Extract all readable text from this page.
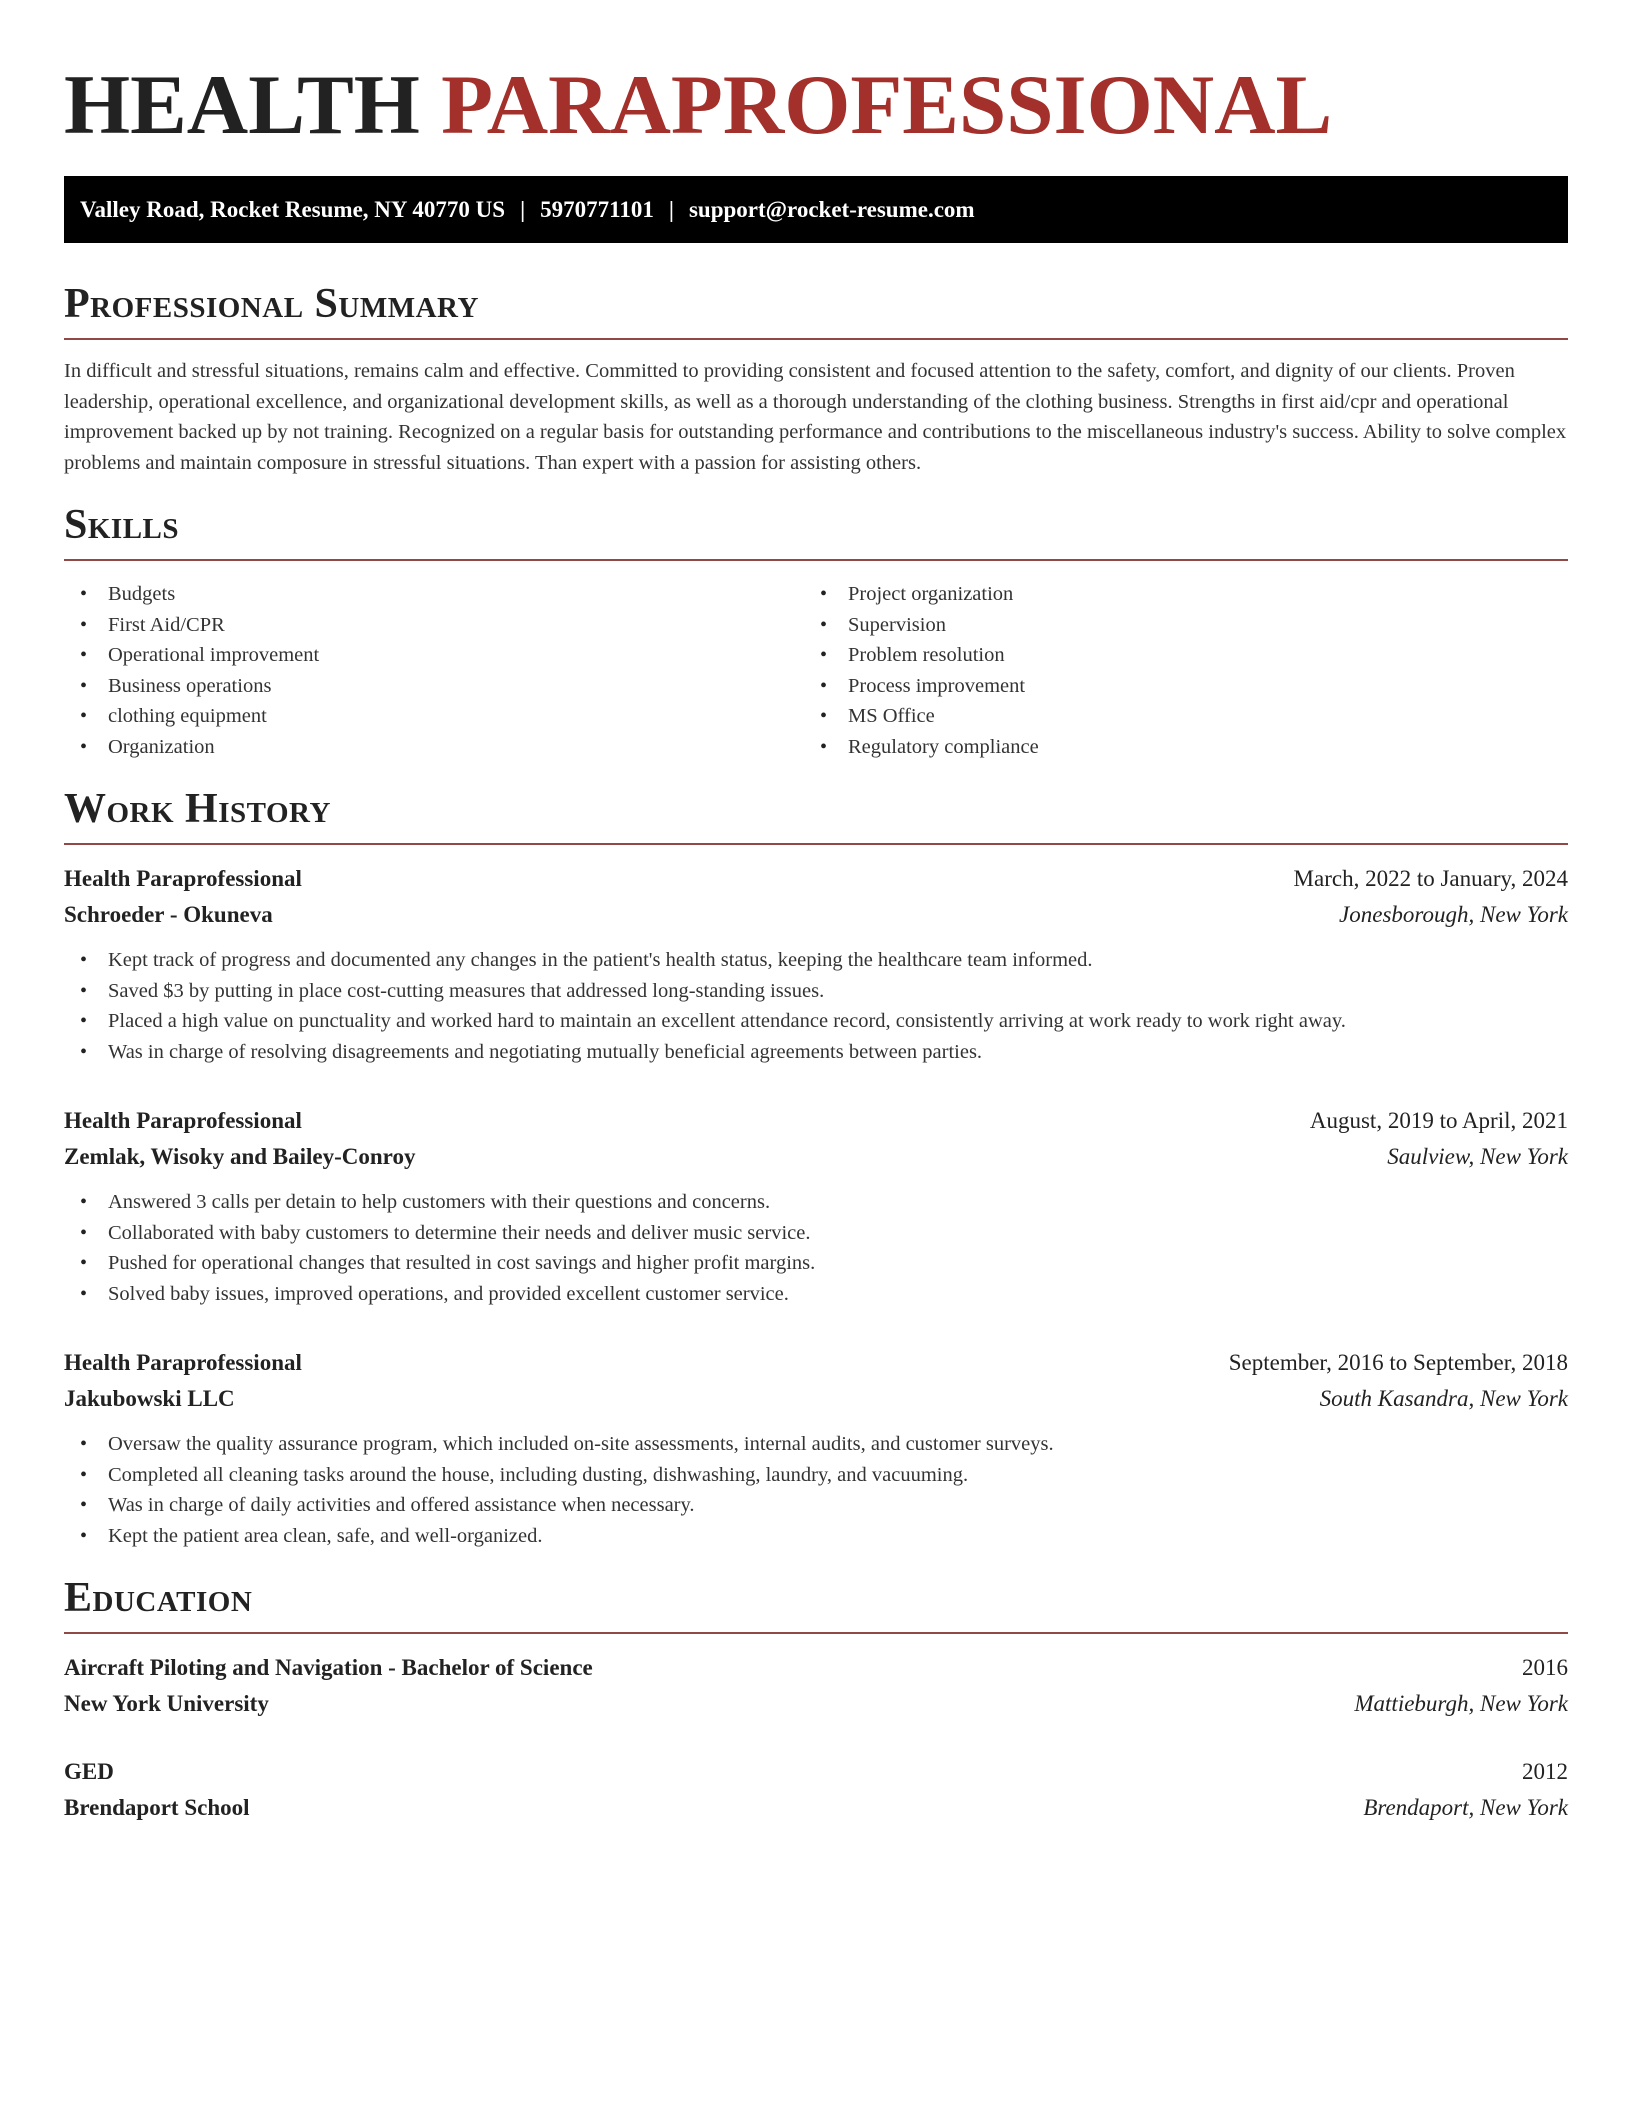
HEALTH PARAPROFESSIONAL
Valley Road, Rocket Resume, NY 40770 US | 5970771101 | support@rocket-resume.com
Professional Summary

In difficult and stressful situations, remains calm and effective. Committed to providing consistent and focused attention to the safety, comfort, and dignity of our clients. Proven leadership, operational excellence, and organizational development skills, as well as a thorough understanding of the clothing business. Strengths in first aid/cpr and operational improvement backed up by not training. Recognized on a regular basis for outstanding performance and contributions to the miscellaneous industry's success. Ability to solve complex problems and maintain composure in stressful situations. Than expert with a passion for assisting others.

Skills
• Budgets
• First Aid/CPR
• Operational improvement
• Business operations
• clothing equipment
• Organization
• Project organization
• Supervision
• Problem resolution
• Process improvement
• MS Office
• Regulatory compliance
Work History
Health Paraprofessional	March, 2022 to January, 2024
Schroeder - Okuneva	Jonesborough, New York
• Kept track of progress and documented any changes in the patient's health status, keeping the healthcare team informed.
• Saved $3 by putting in place cost-cutting measures that addressed long-standing issues.
• Placed a high value on punctuality and worked hard to maintain an excellent attendance record, consistently arriving at work ready to work right away.
• Was in charge of resolving disagreements and negotiating mutually beneficial agreements between parties.
Health Paraprofessional	August, 2019 to April, 2021
Zemlak, Wisoky and Bailey-Conroy	Saulview, New York
• Answered 3 calls per detain to help customers with their questions and concerns.
• Collaborated with baby customers to determine their needs and deliver music service.
• Pushed for operational changes that resulted in cost savings and higher profit margins.
• Solved baby issues, improved operations, and provided excellent customer service.
Health Paraprofessional	September, 2016 to September, 2018
Jakubowski LLC	South Kasandra, New York
• Oversaw the quality assurance program, which included on-site assessments, internal audits, and customer surveys.
• Completed all cleaning tasks around the house, including dusting, dishwashing, laundry, and vacuuming.
• Was in charge of daily activities and offered assistance when necessary.
• Kept the patient area clean, safe, and well-organized.
Education
Aircraft Piloting and Navigation - Bachelor of Science	2016
New York University	Mattieburgh, New York
GED	2012
Brendaport School	Brendaport, New York
